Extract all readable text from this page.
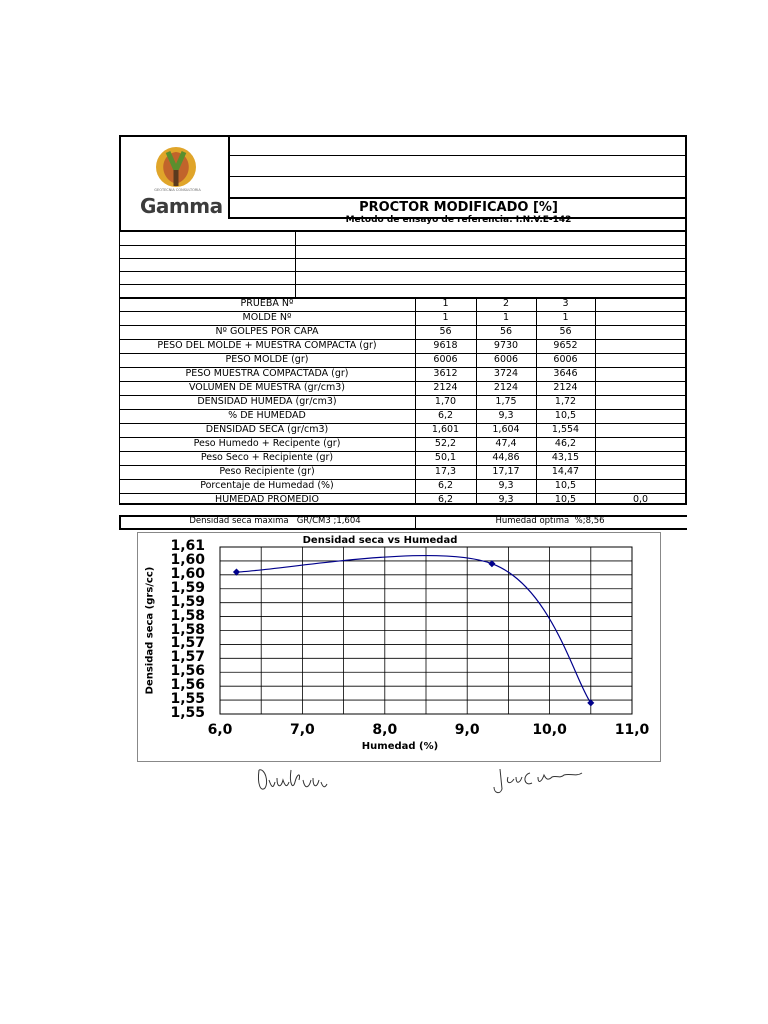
GEOTECNIA CONSULTORIA
Gamma	PROCTOR MODIFICADO [%]
Metodo de ensayo de referencia: I.N.V.E-142
PRUEBA Nº	1	2	3
MOLDE Nº	1	1	1
Nº GOLPES POR CAPA	56	56	56
PESO DEL MOLDE + MUESTRA COMPACTA (gr)	9618	9730	9652
PESO MOLDE (gr)	6006	6006	6006
PESO MUESTRA COMPACTADA (gr)	3612	3724	3646
VOLUMEN DE MUESTRA (gr/cm3)	2124	2124	2124
DENSIDAD HUMEDA (gr/cm3)	1,70	1,75	1,72
% DE HUMEDAD	6,2	9,3	10,5
DENSIDAD SECA (gr/cm3)	1,601	1,604	1,554
Peso Humedo + Recipente (gr)	52,2	47,4	46,2
Peso Seco + Recipiente (gr)	50,1	44,86	43,15
Peso Recipiente (gr)	17,3	17,17	14,47
Porcentaje de Humedad (%)	6,2	9,3	10,5
HUMEDAD PROMEDIO	6,2	9,3	10,5	0,0
Densidad seca maxima   GR/CM3 ;1,604	Humedad optima  %;8,56
Densidad seca vs Humedad
Densidad seca (grs/cc)
Humedad (%)
1,55
1,55
1,56
1,56
1,57
1,57
1,58
1,58
1,59
1,59
1,60
1,60
1,61
6,0	7,0	8,0	9,0	10,0	11,0
